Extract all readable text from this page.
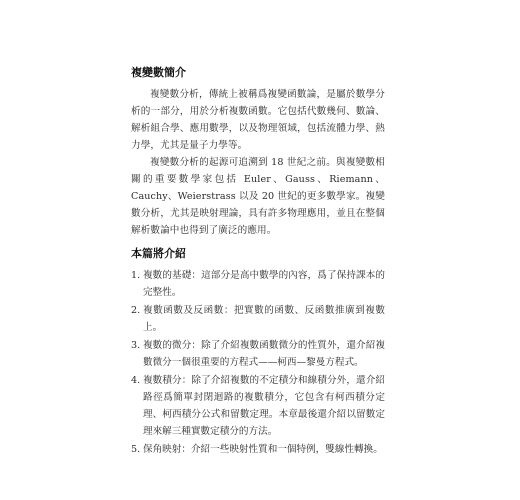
複變數簡介

複變數分析，傳統上被稱爲複變函數論，是屬於數學分析的一部分，用於分析複數函數。它包括代數幾何、數論、解析組合學、應用數學，以及物理領域，包括流體力學、熱力學，尤其是量子力學等。

複變數分析的起源可追溯到 18 世紀之前。與複變數相關的重要數學家包括 Euler、Gauss、Riemann、Cauchy、Weierstrass 以及 20 世紀的更多數學家。複變數分析，尤其是映射理論，具有許多物理應用，並且在整個解析數論中也得到了廣泛的應用。

本篇將介紹
1. 複數的基礎：這部分是高中數學的內容，爲了保持課本的完整性。
2. 複數函數及反函數：把實數的函數、反函數推廣到複數上。
3. 複數的微分：除了介紹複數函數微分的性質外，還介紹複數微分一個很重要的方程式——柯西—黎曼方程式。
4. 複數積分：除了介紹複數的不定積分和線積分外，還介紹路徑爲簡單封閉迴路的複數積分，它包含有柯西積分定理、柯西積分公式和留數定理。本章最後還介紹以留數定理來解三種實數定積分的方法。
5. 保角映射：介紹一些映射性質和一個特例，雙線性轉換。
